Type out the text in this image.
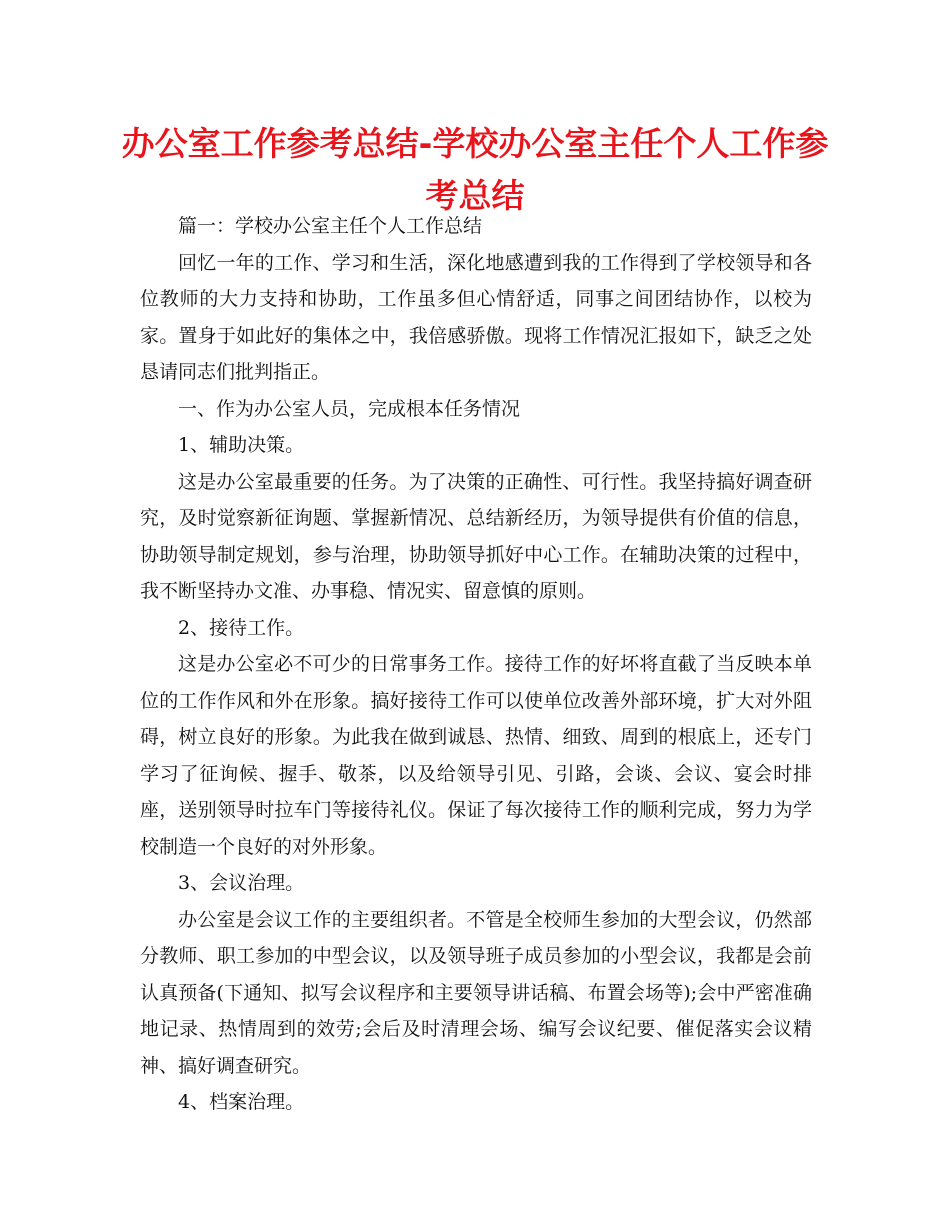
办公室工作参考总结-学校办公室主任个人工作参考总结

篇一：学校办公室主任个人工作总结

回忆一年的工作、学习和生活，深化地感遭到我的工作得到了学校领导和各位教师的大力支持和协助，工作虽多但心情舒适，同事之间团结协作，以校为家。置身于如此好的集体之中，我倍感骄傲。现将工作情况汇报如下，缺乏之处恳请同志们批判指正。

一、作为办公室人员，完成根本任务情况

1、辅助决策。

这是办公室最重要的任务。为了决策的正确性、可行性。我坚持搞好调查研究，及时觉察新征询题、掌握新情况、总结新经历，为领导提供有价值的信息，协助领导制定规划，参与治理，协助领导抓好中心工作。在辅助决策的过程中，我不断坚持办文准、办事稳、情况实、留意慎的原则。

2、接待工作。

这是办公室必不可少的日常事务工作。接待工作的好坏将直截了当反映本单位的工作作风和外在形象。搞好接待工作可以使单位改善外部环境，扩大对外阻碍，树立良好的形象。为此我在做到诚恳、热情、细致、周到的根底上，还专门学习了征询候、握手、敬茶，以及给领导引见、引路，会谈、会议、宴会时排座，送别领导时拉车门等接待礼仪。保证了每次接待工作的顺利完成，努力为学校制造一个良好的对外形象。

3、会议治理。

办公室是会议工作的主要组织者。不管是全校师生参加的大型会议，仍然部分教师、职工参加的中型会议，以及领导班子成员参加的小型会议，我都是会前认真预备(下通知、拟写会议程序和主要领导讲话稿、布置会场等);会中严密准确地记录、热情周到的效劳;会后及时清理会场、编写会议纪要、催促落实会议精神、搞好调查研究。

4、档案治理。
